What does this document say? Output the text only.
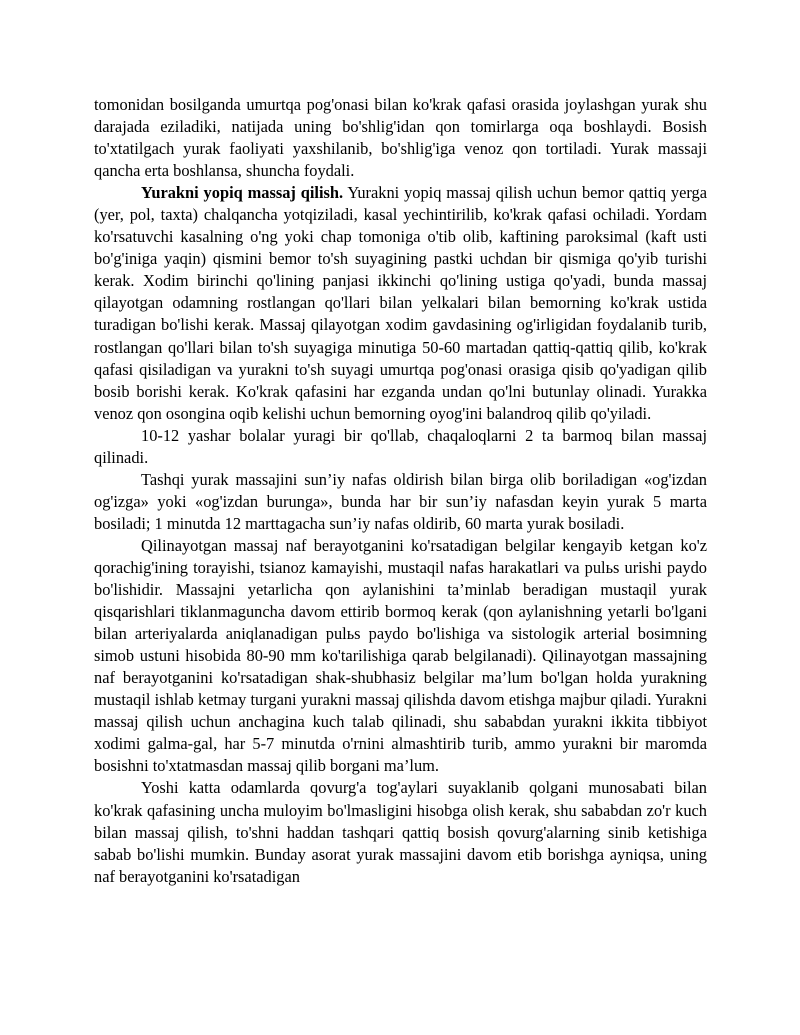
tomonidan bosilganda umurtqa pog'onasi bilan ko'krak qafasi orasida joylashgan yurak shu darajada eziladiki, natijada uning bo'shlig'idan qon tomirlarga oqa boshlaydi. Bosish to'xtatilgach yurak faoliyati yaxshilanib, bo'shlig'iga venoz qon tortiladi. Yurak massaji qancha erta boshlansa, shuncha foydali.

Yurakni yopiq massaj qilish. Yurakni yopiq massaj qilish uchun bemor qattiq yerga (yer, pol, taxta) chalqancha yotqiziladi, kasal yechintirilib, ko'krak qafasi ochiladi. Yordam ko'rsatuvchi kasalning o'ng yoki chap tomoniga o'tib olib, kaftining paroksimal (kaft usti bo'g'iniga yaqin) qismini bemor to'sh suyagining pastki uchdan bir qismiga qo'yib turishi kerak. Xodim birinchi qo'lining panjasi ikkinchi qo'lining ustiga qo'yadi, bunda massaj qilayotgan odamning rostlangan qo'llari bilan yelkalari bilan bemorning ko'krak ustida turadigan bo'lishi kerak. Massaj qilayotgan xodim gavdasining og'irligidan foydalanib turib, rostlangan qo'llari bilan to'sh suyagiga minutiga 50-60 martadan qattiq-qattiq qilib, ko'krak qafasi qisiladigan va yurakni to'sh suyagi umurtqa pog'onasi orasiga qisib qo'yadigan qilib bosib borishi kerak. Ko'krak qafasini har ezganda undan qo'lni butunlay olinadi. Yurakka venoz qon osongina oqib kelishi uchun bemorning oyog'ini balandroq qilib qo'yiladi.

10-12 yashar bolalar yuragi bir qo'llab, chaqaloqlarni 2 ta barmoq bilan massaj qilinadi.

Tashqi yurak massajini sun’iy nafas oldirish bilan birga olib boriladigan «og'izdan og'izga» yoki «og'izdan burunga», bunda har bir sun’iy nafasdan keyin yurak 5 marta bosiladi; 1 minutda 12 marttagacha sun’iy nafas oldirib, 60 marta yurak bosiladi.

Qilinayotgan massaj naf berayotganini ko'rsatadigan belgilar kengayib ketgan ko'z qorachig'ining torayishi, tsianoz kamayishi, mustaqil nafas harakatlari va pulьs urishi paydo bo'lishidir. Massajni yetarlicha qon aylanishini ta’minlab beradigan mustaqil yurak qisqarishlari tiklanmaguncha davom ettirib bormoq kerak (qon aylanishning yetarli bo'lgani bilan arteriyalarda aniqlanadigan pulьs paydo bo'lishiga va sistologik arterial bosimning simob ustuni hisobida 80-90 mm ko'tarilishiga qarab belgilanadi). Qilinayotgan massajning naf berayotganini ko'rsatadigan shak-shubhasiz belgilar ma’lum bo'lgan holda yurakning mustaqil ishlab ketmay turgani yurakni massaj qilishda davom etishga majbur qiladi. Yurakni massaj qilish uchun anchagina kuch talab qilinadi, shu sababdan yurakni ikkita tibbiyot xodimi galma-gal, har 5-7 minutda o'rnini almashtirib turib, ammo yurakni bir maromda bosishni to'xtatmasdan massaj qilib borgani ma’lum.

Yoshi katta odamlarda qovurg'a tog'aylari suyaklanib qolgani munosabati bilan ko'krak qafasining uncha muloyim bo'lmasligini hisobga olish kerak, shu sababdan zo'r kuch bilan massaj qilish, to'shni haddan tashqari qattiq bosish qovurg'alarning sinib ketishiga sabab bo'lishi mumkin. Bunday asorat yurak massajini davom etib borishga ayniqsa, uning naf berayotganini ko'rsatadigan
